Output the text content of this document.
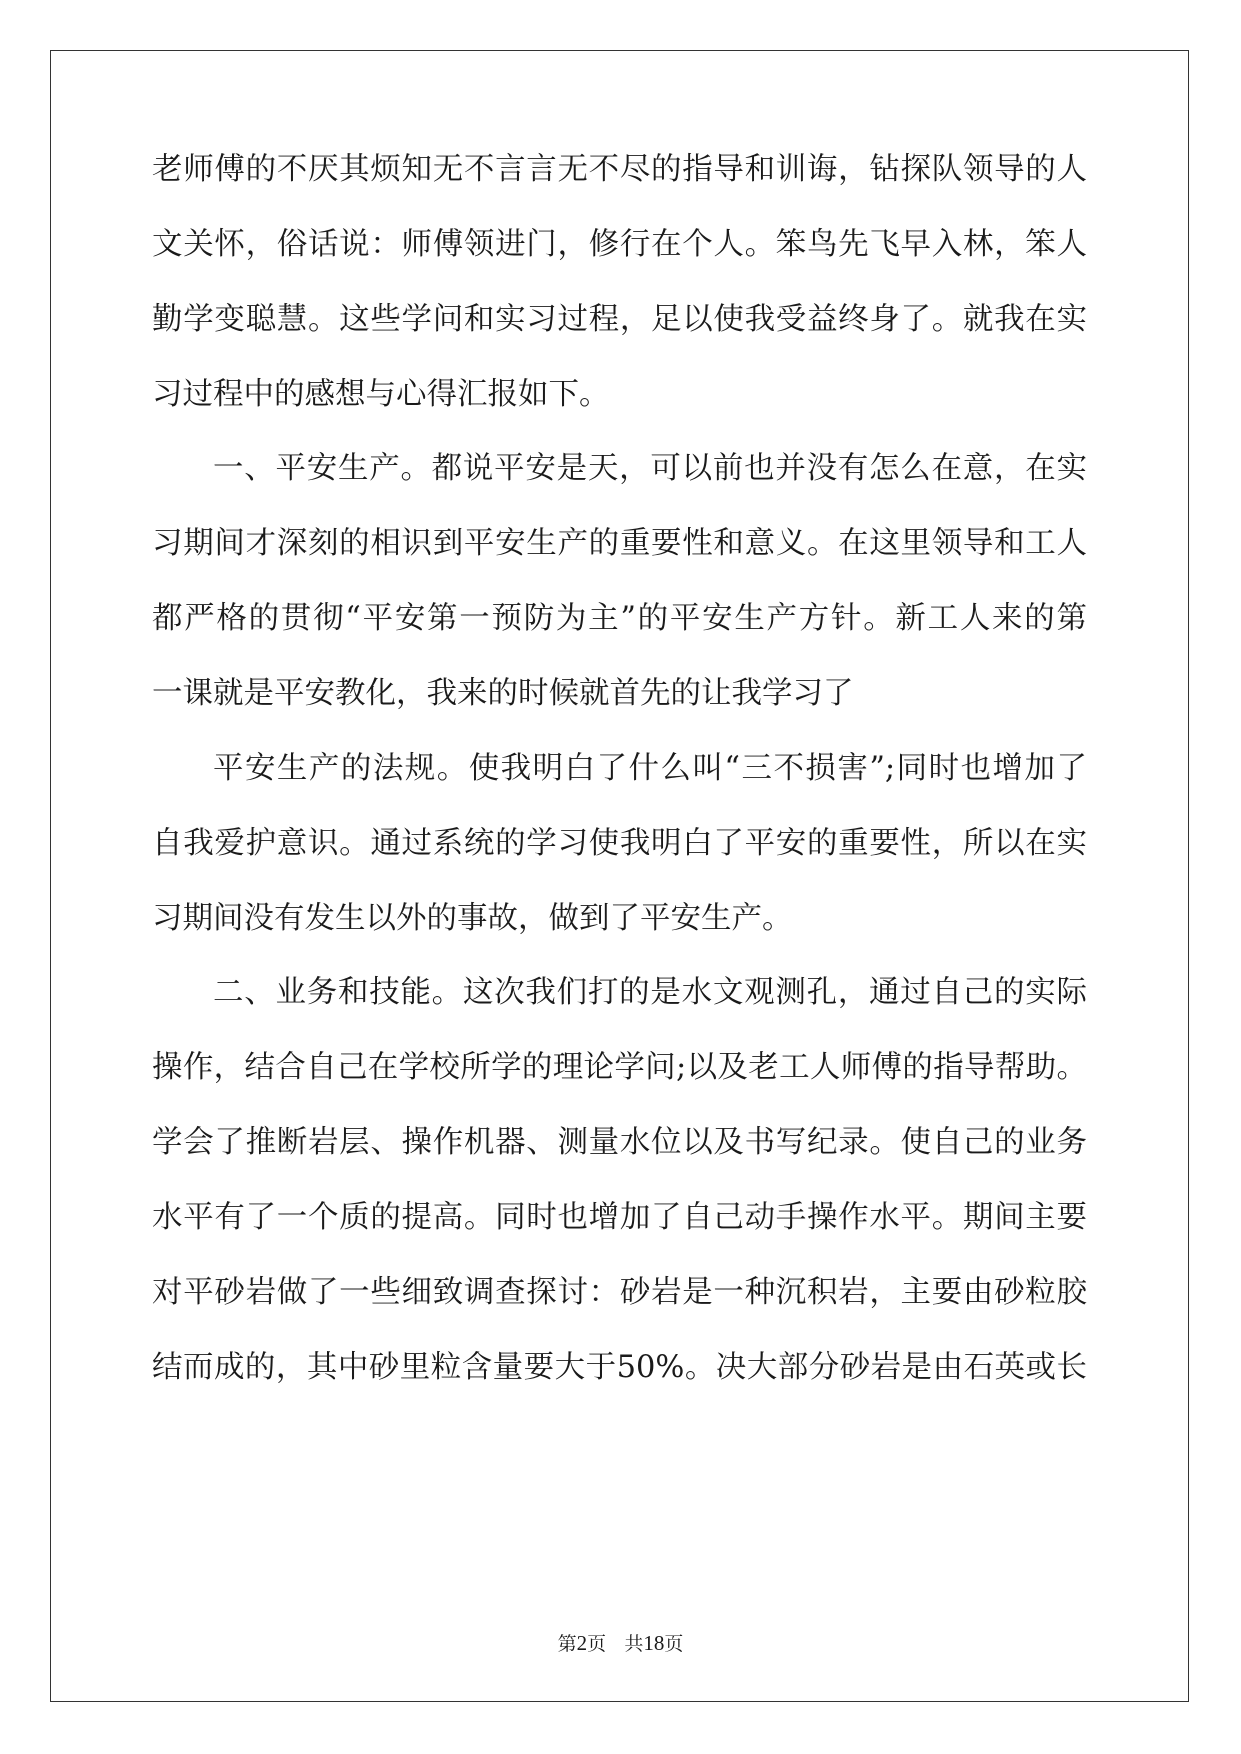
老师傅的不厌其烦知无不言言无不尽的指导和训诲，钻探队领导的人
文关怀，俗话说：师傅领进门，修行在个人。笨鸟先飞早入林，笨人
勤学变聪慧。这些学问和实习过程，足以使我受益终身了。就我在实
习过程中的感想与心得汇报如下。
一、平安生产。都说平安是天，可以前也并没有怎么在意，在实
习期间才深刻的相识到平安生产的重要性和意义。在这里领导和工人
都严格的贯彻“平安第一预防为主”的平安生产方针。新工人来的第
一课就是平安教化，我来的时候就首先的让我学习了
平安生产的法规。使我明白了什么叫“三不损害”;同时也增加了
自我爱护意识。通过系统的学习使我明白了平安的重要性，所以在实
习期间没有发生以外的事故，做到了平安生产。
二、业务和技能。这次我们打的是水文观测孔，通过自己的实际
操作，结合自己在学校所学的理论学问;以及老工人师傅的指导帮助。
学会了推断岩层、操作机器、测量水位以及书写纪录。使自己的业务
水平有了一个质的提高。同时也增加了自己动手操作水平。期间主要
对平砂岩做了一些细致调查探讨：砂岩是一种沉积岩，主要由砂粒胶
结而成的，其中砂里粒含量要大于50%。决大部分砂岩是由石英或长
第2页 共18页
